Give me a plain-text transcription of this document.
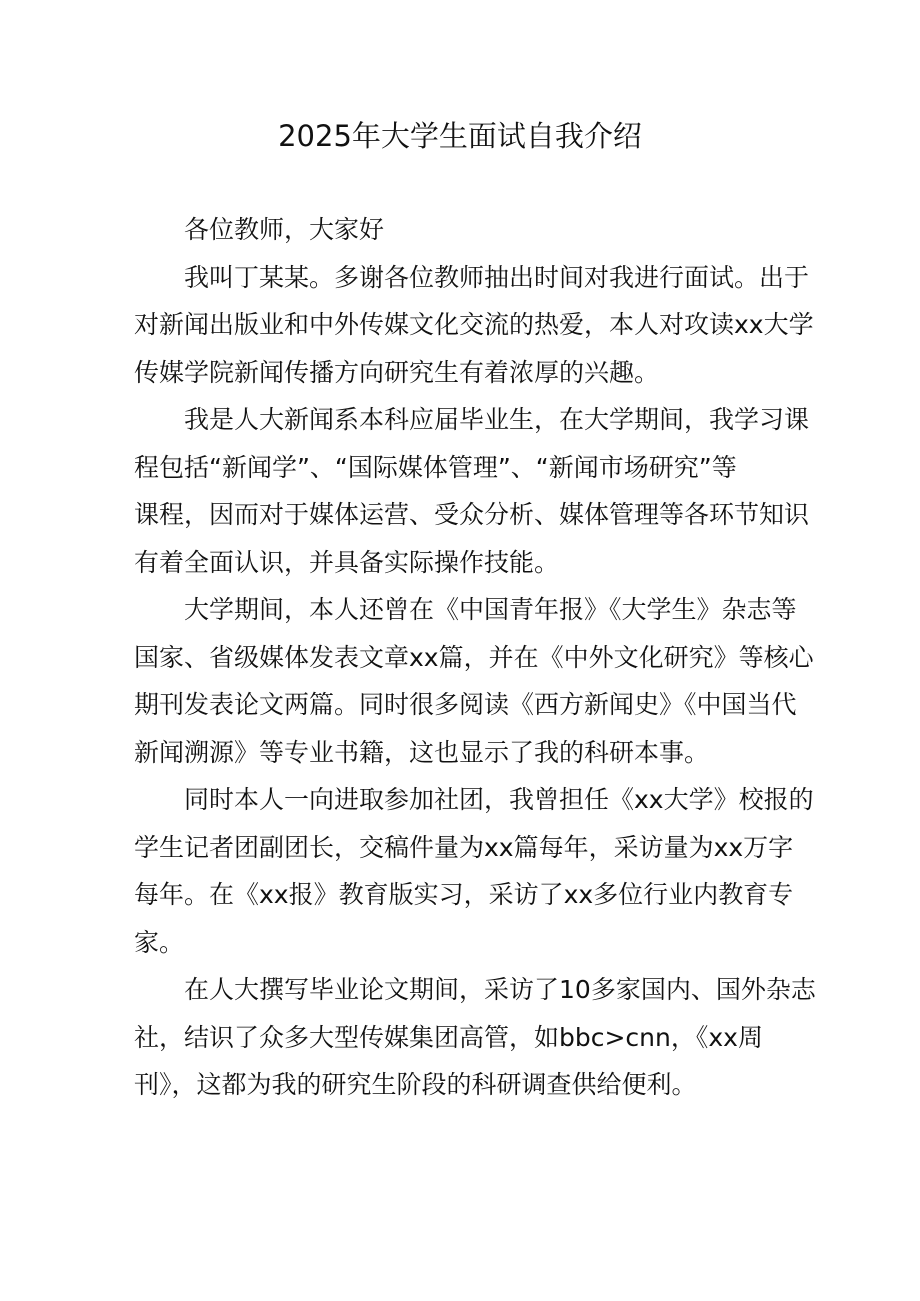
2025年大学生面试自我介绍

各位教师，大家好

我叫丁某某。多谢各位教师抽出时间对我进行面试。出于
对新闻出版业和中外传媒文化交流的热爱，本人对攻读xx大学
传媒学院新闻传播方向研究生有着浓厚的兴趣。

我是人大新闻系本科应届毕业生，在大学期间，我学习课
程包括“新闻学”、“国际媒体管理”、“新闻市场研究”等
课程，因而对于媒体运营、受众分析、媒体管理等各环节知识
有着全面认识，并具备实际操作技能。

大学期间，本人还曾在《中国青年报》《大学生》杂志等
国家、省级媒体发表文章xx篇，并在《中外文化研究》等核心
期刊发表论文两篇。同时很多阅读《西方新闻史》《中国当代
新闻溯源》等专业书籍，这也显示了我的科研本事。

同时本人一向进取参加社团，我曾担任《xx大学》校报的
学生记者团副团长，交稿件量为xx篇每年，采访量为xx万字
每年。在《xx报》教育版实习，采访了xx多位行业内教育专
家。

在人大撰写毕业论文期间，采访了10多家国内、国外杂志
社，结识了众多大型传媒集团高管，如bbc>cnn，《xx周
刊》，这都为我的研究生阶段的科研调查供给便利。
